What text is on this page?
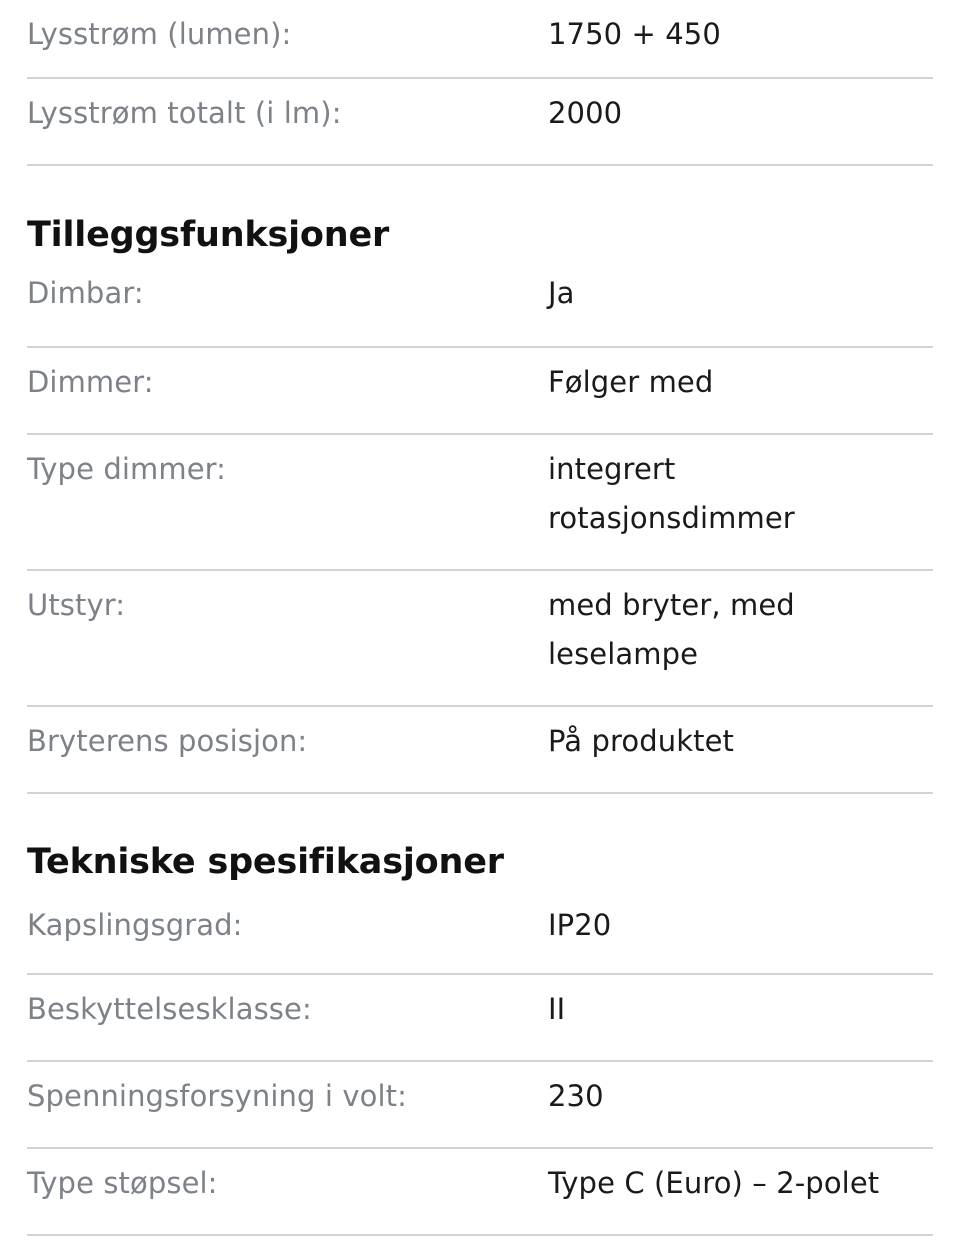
Lysstrøm (lumen):	1750 + 450
Lysstrøm totalt (i lm):	2000
Tilleggsfunksjoner
Dimbar:	Ja
Dimmer:	Følger med
Type dimmer:	integrert rotasjonsdimmer
Utstyr:	med bryter, med leselampe
Bryterens posisjon:	På produktet
Tekniske spesifikasjoner
Kapslingsgrad:	IP20
Beskyttelsesklasse:	II
Spenningsforsyning i volt:	230
Type støpsel:	Type C (Euro) – 2-polet
